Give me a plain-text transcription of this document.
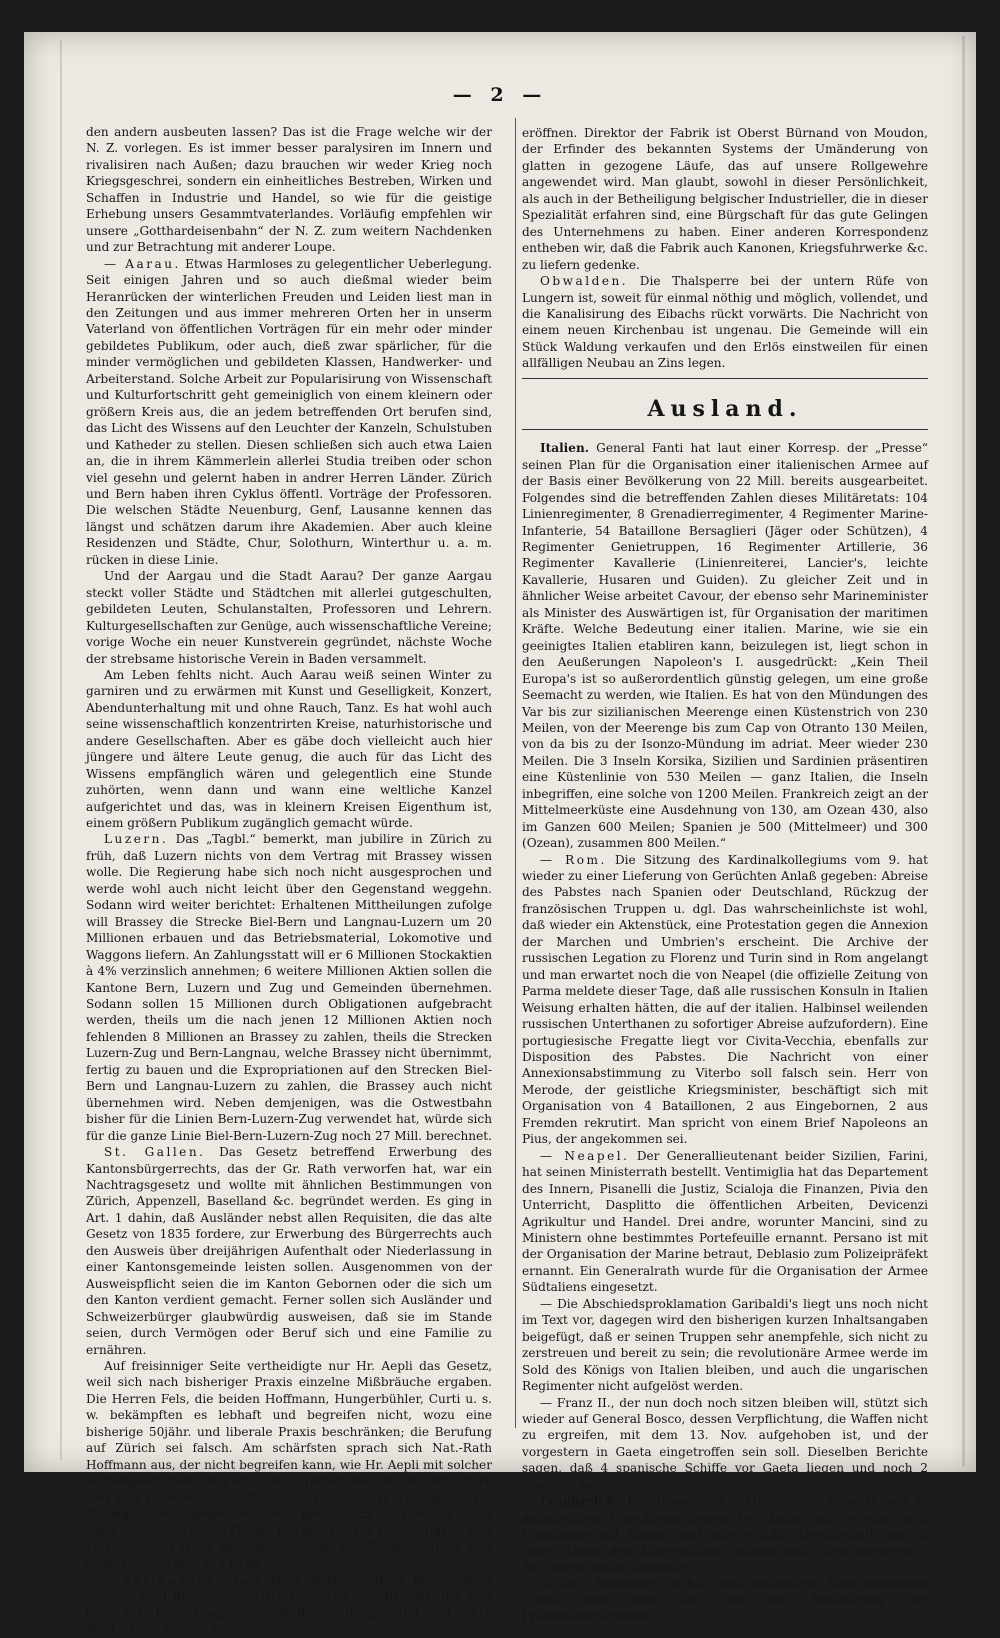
— 2 —

den andern ausbeuten lassen? Das ist die Frage welche wir der N. Z. vorlegen. Es ist immer besser paralysiren im Innern und rivalisiren nach Außen; dazu brauchen wir weder Krieg noch Kriegsgeschrei, sondern ein einheitliches Bestreben, Wirken und Schaffen in Industrie und Handel, so wie für die geistige Erhebung unsers Gesammtvaterlandes. Vorläufig empfehlen wir unsere „Gotthardeisenbahn“ der N. Z. zum weitern Nachdenken und zur Betrachtung mit anderer Loupe.

— Aarau. Etwas Harmloses zu gelegentlicher Ueberlegung. Seit einigen Jahren und so auch dießmal wieder beim Heranrücken der winterlichen Freuden und Leiden liest man in den Zeitungen und aus immer mehreren Orten her in unserm Vaterland von öffentlichen Vorträgen für ein mehr oder minder gebildetes Publikum, oder auch, dieß zwar spärlicher, für die minder vermöglichen und gebildeten Klassen, Handwerker- und Arbeiterstand. Solche Arbeit zur Popularisirung von Wissenschaft und Kulturfortschritt geht gemeiniglich von einem kleinern oder größern Kreis aus, die an jedem betreffenden Ort berufen sind, das Licht des Wissens auf den Leuchter der Kanzeln, Schulstuben und Katheder zu stellen. Diesen schließen sich auch etwa Laien an, die in ihrem Kämmerlein allerlei Studia treiben oder schon viel gesehn und gelernt haben in andrer Herren Länder. Zürich und Bern haben ihren Cyklus öffentl. Vorträge der Professoren. Die welschen Städte Neuenburg, Genf, Lausanne kennen das längst und schätzen darum ihre Akademien. Aber auch kleine Residenzen und Städte, Chur, Solothurn, Winterthur u. a. m. rücken in diese Linie.

Und der Aargau und die Stadt Aarau? Der ganze Aargau steckt voller Städte und Städtchen mit allerlei gutgeschulten, gebildeten Leuten, Schulanstalten, Professoren und Lehrern. Kulturgesellschaften zur Genüge, auch wissenschaftliche Vereine; vorige Woche ein neuer Kunstverein gegründet, nächste Woche der strebsame historische Verein in Baden versammelt.

Am Leben fehlts nicht. Auch Aarau weiß seinen Winter zu garniren und zu erwärmen mit Kunst und Geselligkeit, Konzert, Abendunterhaltung mit und ohne Rauch, Tanz. Es hat wohl auch seine wissenschaftlich konzentrirten Kreise, naturhistorische und andere Gesellschaften. Aber es gäbe doch vielleicht auch hier jüngere und ältere Leute genug, die auch für das Licht des Wissens empfänglich wären und gelegentlich eine Stunde zuhörten, wenn dann und wann eine weltliche Kanzel aufgerichtet und das, was in kleinern Kreisen Eigenthum ist, einem größern Publikum zugänglich gemacht würde.

Luzern. Das „Tagbl.“ bemerkt, man jubilire in Zürich zu früh, daß Luzern nichts von dem Vertrag mit Brassey wissen wolle. Die Regierung habe sich noch nicht ausgesprochen und werde wohl auch nicht leicht über den Gegenstand weggehn. Sodann wird weiter berichtet: Erhaltenen Mittheilungen zufolge will Brassey die Strecke Biel-Bern und Langnau-Luzern um 20 Millionen erbauen und das Betriebsmaterial, Lokomotive und Waggons liefern. An Zahlungsstatt will er 6 Millionen Stockaktien à 4% verzinslich annehmen; 6 weitere Millionen Aktien sollen die Kantone Bern, Luzern und Zug und Gemeinden übernehmen. Sodann sollen 15 Millionen durch Obligationen aufgebracht werden, theils um die nach jenen 12 Millionen Aktien noch fehlenden 8 Millionen an Brassey zu zahlen, theils die Strecken Luzern-Zug und Bern-Langnau, welche Brassey nicht übernimmt, fertig zu bauen und die Expropriationen auf den Strecken Biel-Bern und Langnau-Luzern zu zahlen, die Brassey auch nicht übernehmen wird. Neben demjenigen, was die Ostwestbahn bisher für die Linien Bern-Luzern-Zug verwendet hat, würde sich für die ganze Linie Biel-Bern-Luzern-Zug noch 27 Mill. berechnet.

St. Gallen. Das Gesetz betreffend Erwerbung des Kantonsbürgerrechts, das der Gr. Rath verworfen hat, war ein Nachtragsgesetz und wollte mit ähnlichen Bestimmungen von Zürich, Appenzell, Baselland &c. begründet werden. Es ging in Art. 1 dahin, daß Ausländer nebst allen Requisiten, die das alte Gesetz von 1835 fordere, zur Erwerbung des Bürgerrechts auch den Ausweis über dreijährigen Aufenthalt oder Niederlassung in einer Kantonsgemeinde leisten sollen. Ausgenommen von der Ausweispflicht seien die im Kanton Gebornen oder die sich um den Kanton verdient gemacht. Ferner sollen sich Ausländer und Schweizerbürger glaubwürdig ausweisen, daß sie im Stande seien, durch Vermögen oder Beruf sich und eine Familie zu ernähren.

Auf freisinniger Seite vertheidigte nur Hr. Aepli das Gesetz, weil sich nach bisheriger Praxis einzelne Mißbräuche ergaben. Die Herren Fels, die beiden Hoffmann, Hungerbühler, Curti u. s. w. bekämpften es lebhaft und begreifen nicht, wozu eine bisherige 50jähr. und liberale Praxis beschränken; die Berufung auf Zürich sei falsch. Am schärfsten sprach sich Nat.-Rath Hoffmann aus, der nicht begreifen kann, wie Hr. Aepli mit solcher Stubengelehrtheit den Ruin der Freiheit des Staats proklamire und den tiefsten Grundsätzen der Republik zu Leib gehe. Hr. Baumgartner dagegen war wie gewöhnlich sarkastisch: Man habe wieder die große Glocke mit den Worten Freisinnigkeit und Fortschritt zu Hülfe geläutet. — Item, die Glocke läutete dem Gesetzesvorschlag in's Grab.

Schaffhausen. Laut einer Korrespondenz der „Nation Suisse“ wird die schweizerisch-belgische Gesellschaft, die sich hier zur Errichtung einer Waffenfabrik gebildet hat, ihre Werkstätten demnächst

eröffnen. Direktor der Fabrik ist Oberst Bürnand von Moudon, der Erfinder des bekannten Systems der Umänderung von glatten in gezogene Läufe, das auf unsere Rollgewehre angewendet wird. Man glaubt, sowohl in dieser Persönlichkeit, als auch in der Betheiligung belgischer Industrieller, die in dieser Spezialität erfahren sind, eine Bürgschaft für das gute Gelingen des Unternehmens zu haben. Einer anderen Korrespondenz entheben wir, daß die Fabrik auch Kanonen, Kriegsfuhrwerke &c. zu liefern gedenke.

Obwalden. Die Thalsperre bei der untern Rüfe von Lungern ist, soweit für einmal nöthig und möglich, vollendet, und die Kanalisirung des Eibachs rückt vorwärts. Die Nachricht von einem neuen Kirchenbau ist ungenau. Die Gemeinde will ein Stück Waldung verkaufen und den Erlös einstweilen für einen allfälligen Neubau an Zins legen.

Ausland.

Italien. General Fanti hat laut einer Korresp. der „Presse“ seinen Plan für die Organisation einer italienischen Armee auf der Basis einer Bevölkerung von 22 Mill. bereits ausgearbeitet. Folgendes sind die betreffenden Zahlen dieses Militäretats: 104 Linienregimenter, 8 Grenadierregimenter, 4 Regimenter Marine-Infanterie, 54 Bataillone Bersaglieri (Jäger oder Schützen), 4 Regimenter Genietruppen, 16 Regimenter Artillerie, 36 Regimenter Kavallerie (Linienreiterei, Lancier's, leichte Kavallerie, Husaren und Guiden). Zu gleicher Zeit und in ähnlicher Weise arbeitet Cavour, der ebenso sehr Marineminister als Minister des Auswärtigen ist, für Organisation der maritimen Kräfte. Welche Bedeutung einer italien. Marine, wie sie ein geeinigtes Italien etabliren kann, beizulegen ist, liegt schon in den Aeußerungen Napoleon's I. ausgedrückt: „Kein Theil Europa's ist so außerordentlich günstig gelegen, um eine große Seemacht zu werden, wie Italien. Es hat von den Mündungen des Var bis zur sizilianischen Meerenge einen Küstenstrich von 230 Meilen, von der Meerenge bis zum Cap von Otranto 130 Meilen, von da bis zu der Isonzo-Mündung im adriat. Meer wieder 230 Meilen. Die 3 Inseln Korsika, Sizilien und Sardinien präsentiren eine Küstenlinie von 530 Meilen — ganz Italien, die Inseln inbegriffen, eine solche von 1200 Meilen. Frankreich zeigt an der Mittelmeerküste eine Ausdehnung von 130, am Ozean 430, also im Ganzen 600 Meilen; Spanien je 500 (Mittelmeer) und 300 (Ozean), zusammen 800 Meilen.“

— Rom. Die Sitzung des Kardinalkollegiums vom 9. hat wieder zu einer Lieferung von Gerüchten Anlaß gegeben: Abreise des Pabstes nach Spanien oder Deutschland, Rückzug der französischen Truppen u. dgl. Das wahrscheinlichste ist wohl, daß wieder ein Aktenstück, eine Protestation gegen die Annexion der Marchen und Umbrien's erscheint. Die Archive der russischen Legation zu Florenz und Turin sind in Rom angelangt und man erwartet noch die von Neapel (die offizielle Zeitung von Parma meldete dieser Tage, daß alle russischen Konsuln in Italien Weisung erhalten hätten, die auf der italien. Halbinsel weilenden russischen Unterthanen zu sofortiger Abreise aufzufordern). Eine portugiesische Fregatte liegt vor Civita-Vecchia, ebenfalls zur Disposition des Pabstes. Die Nachricht von einer Annexionsabstimmung zu Viterbo soll falsch sein. Herr von Merode, der geistliche Kriegsminister, beschäftigt sich mit Organisation von 4 Bataillonen, 2 aus Eingebornen, 2 aus Fremden rekrutirt. Man spricht von einem Brief Napoleons an Pius, der angekommen sei.

— Neapel. Der Generallieutenant beider Sizilien, Farini, hat seinen Ministerrath bestellt. Ventimiglia hat das Departement des Innern, Pisanelli die Justiz, Scialoja die Finanzen, Pivia den Unterricht, Dasplitto die öffentlichen Arbeiten, Devicenzi Agrikultur und Handel. Drei andre, worunter Mancini, sind zu Ministern ohne bestimmtes Portefeuille ernannt. Persano ist mit der Organisation der Marine betraut, Deblasio zum Polizeipräfekt ernannt. Ein Generalrath wurde für die Organisation der Armee Südtaliens eingesetzt.

— Die Abschiedsproklamation Garibaldi's liegt uns noch nicht im Text vor, dagegen wird den bisherigen kurzen Inhaltsangaben beigefügt, daß er seinen Truppen sehr anempfehle, sich nicht zu zerstreuen und bereit zu sein; die revolutionäre Armee werde im Sold des Königs von Italien bleiben, und auch die ungarischen Regimenter nicht aufgelöst werden.

— Franz II., der nun doch noch sitzen bleiben will, stützt sich wieder auf General Bosco, dessen Verpflichtung, die Waffen nicht zu ergreifen, mit dem 13. Nov. aufgehoben ist, und der vorgestern in Gaeta eingetroffen sein soll. Dieselben Berichte sagen, daß 4 spanische Schiffe vor Gaeta liegen und noch 2 erwartet werden.

Frankreich. Die Ursache der Abreise der Kaiserin soll in anhaltendem Unwohlsein liegen. Der Kaiser geht wieder nach Compiegne mit kleiner und auserwählter Gesellschaft, um zu jagen. Unter den Auserwählten befinde sich Fürst Metternich, der östreichische Gesandte.

— Der „Moniteur“ enthält eine einläßliche Note betreffend China, und zwar im Sinn der Bestätigung der Friedensversicherun-
